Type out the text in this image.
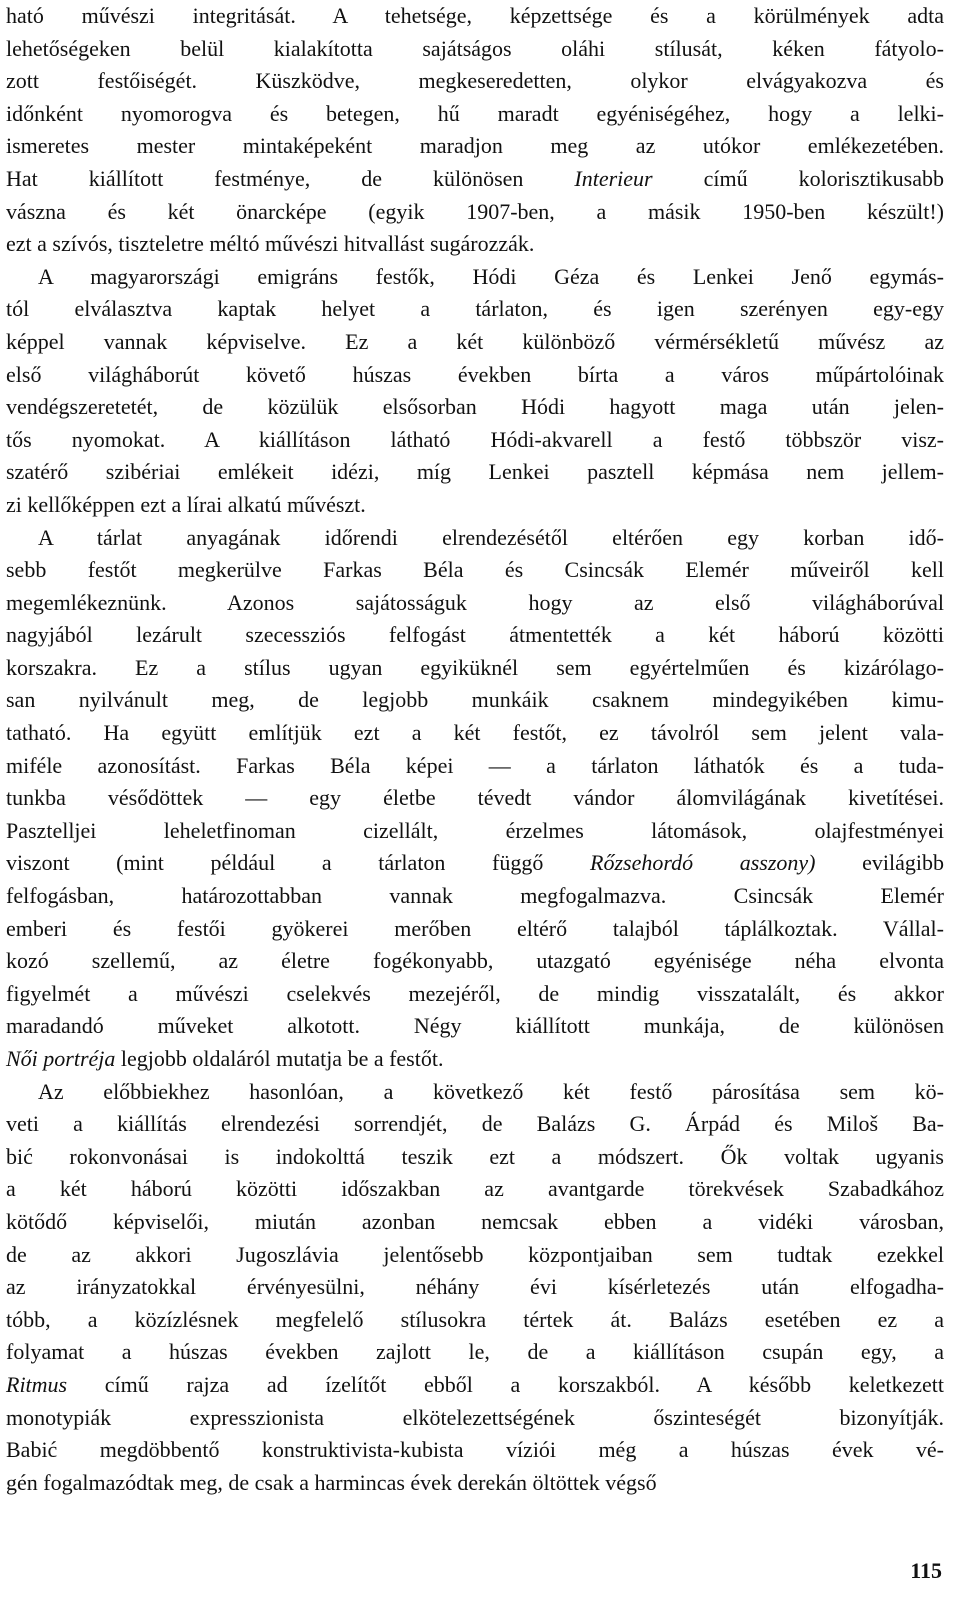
ható művészi integritását. A tehetsége, képzettsége és a körülmények adta
lehetőségeken belül kialakította sajátságos oláhi stílusát, kéken fátyolo-
zott festőiségét. Küszködve, megkeseredetten, olykor elvágyakozva és
időnként nyomorogva és betegen, hű maradt egyéniségéhez, hogy a lelki-
ismeretes mester mintaképeként maradjon meg az utókor emlékezetében.
Hat kiállított festménye, de különösen Interieur című kolorisztikusabb
vászna és két önarcképe (egyik 1907-ben, a másik 1950-ben készült!)
ezt a szívós, tiszteletre méltó művészi hitvallást sugározzák.
A magyarországi emigráns festők, Hódi Géza és Lenkei Jenő egymás-
tól elválasztva kaptak helyet a tárlaton, és igen szerényen egy-egy
képpel vannak képviselve. Ez a két különböző vérmérsékletű művész az
első világháborút követő húszas években bírta a város műpártolóinak
vendégszeretetét, de közülük elsősorban Hódi hagyott maga után jelen-
tős nyomokat. A kiállításon látható Hódi-akvarell a festő többször visz-
szatérő szibériai emlékeit idézi, míg Lenkei pasztell képmása nem jellem-
zi kellőképpen ezt a lírai alkatú művészt.
A tárlat anyagának időrendi elrendezésétől eltérően egy korban idő-
sebb festőt megkerülve Farkas Béla és Csincsák Elemér műveiről kell
megemlékeznünk. Azonos sajátosságuk hogy az első világháborúval
nagyjából lezárult szecessziós felfogást átmentették a két háború közötti
korszakra. Ez a stílus ugyan egyiküknél sem egyértelműen és kizárólago-
san nyilvánult meg, de legjobb munkáik csaknem mindegyikében kimu-
tatható. Ha együtt említjük ezt a két festőt, ez távolról sem jelent vala-
miféle azonosítást. Farkas Béla képei — a tárlaton láthatók és a tuda-
tunkba vésődöttek — egy életbe tévedt vándor álomvilágának kivetítései.
Pasztelljei leheletfinoman cizellált, érzelmes látomások, olajfestményei
viszont (mint például a tárlaton függő Rőzsehordó asszony) evilágibb
felfogásban, határozottabban vannak megfogalmazva. Csincsák Elemér
emberi és festői gyökerei merőben eltérő talajból táplálkoztak. Vállal-
kozó szellemű, az életre fogékonyabb, utazgató egyénisége néha elvonta
figyelmét a művészi cselekvés mezejéről, de mindig visszatalált, és akkor
maradandó műveket alkotott. Négy kiállított munkája, de különösen
Női portréja legjobb oldaláról mutatja be a festőt.
Az előbbiekhez hasonlóan, a következő két festő párosítása sem kö-
veti a kiállítás elrendezési sorrendjét, de Balázs G. Árpád és Miloš Ba-
bić rokonvonásai is indokolttá teszik ezt a módszert. Ők voltak ugyanis
a két háború közötti időszakban az avantgarde törekvések Szabadkához
kötődő képviselői, miután azonban nemcsak ebben a vidéki városban,
de az akkori Jugoszlávia jelentősebb központjaiban sem tudtak ezekkel
az irányzatokkal érvényesülni, néhány évi kísérletezés után elfogadha-
tóbb, a közízlésnek megfelelő stílusokra tértek át. Balázs esetében ez a
folyamat a húszas években zajlott le, de a kiállításon csupán egy, a
Ritmus című rajza ad ízelítőt ebből a korszakból. A később keletkezett
monotypiák expresszionista elkötelezettségének őszinteségét bizonyítják.
Babić megdöbbentő konstruktivista-kubista víziói még a húszas évek vé-
gén fogalmazódtak meg, de csak a harmincas évek derekán öltöttek végső
115
